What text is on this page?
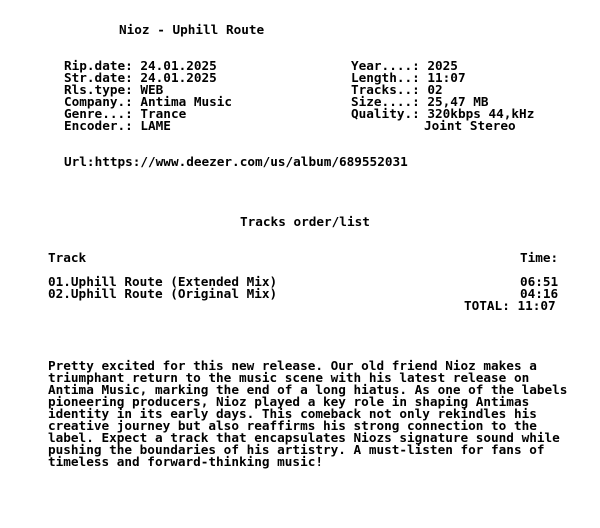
Nioz - Uphill Route
Rip.date: 24.01.2025
Str.date: 24.01.2025
Rls.type: WEB
Company.: Antima Music
Genre...: Trance
Encoder.: LAME
Year....: 2025
Length..: 11:07
Tracks..: 02
Size....: 25,47 MB
Quality.: 320kbps 44,kHz
Joint Stereo
Url:https://www.deezer.com/us/album/689552031
Tracks order/list
Track	Time:
01.Uphill Route (Extended Mix)	06:51
02.Uphill Route (Original Mix)	04:16
TOTAL: 11:07
Pretty excited for this new release. Our old friend Nioz makes a
triumphant return to the music scene with his latest release on
Antima Music, marking the end of a long hiatus. As one of the labels
pioneering producers, Nioz played a key role in shaping Antimas
identity in its early days. This comeback not only rekindles his
creative journey but also reaffirms his strong connection to the
label. Expect a track that encapsulates Niozs signature sound while
pushing the boundaries of his artistry. A must-listen for fans of
timeless and forward-thinking music!
